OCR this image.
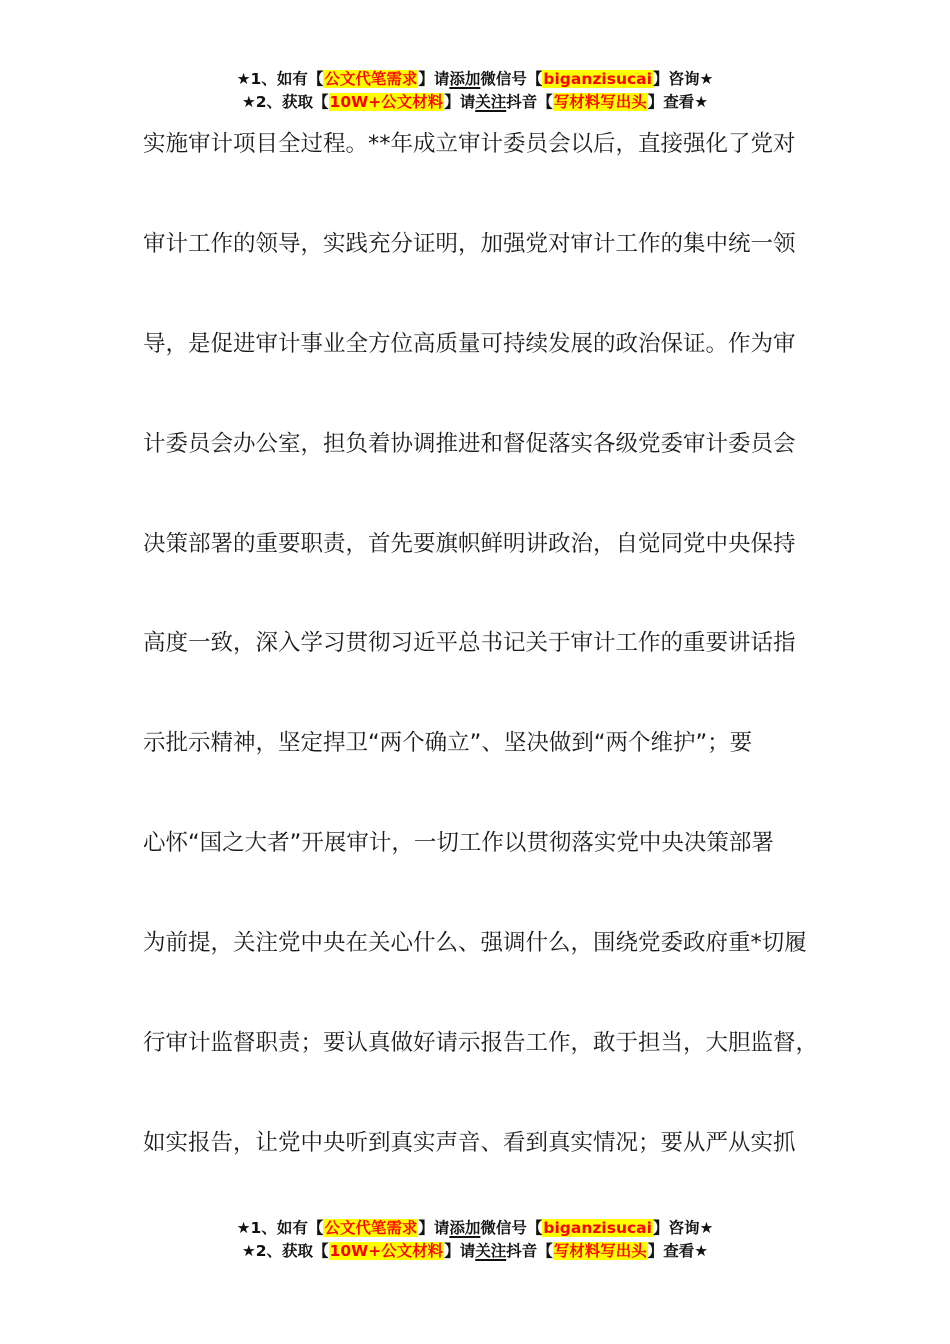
★1、如有【公文代笔需求】请添加微信号【biganzisucai】咨询★
★2、获取【10W+公文材料】请关注抖音【写材料写出头】查看★
实施审计项目全过程。**年成立审计委员会以后，直接强化了党对
审计工作的领导，实践充分证明，加强党对审计工作的集中统一领
导，是促进审计事业全方位高质量可持续发展的政治保证。作为审
计委员会办公室，担负着协调推进和督促落实各级党委审计委员会
决策部署的重要职责，首先要旗帜鲜明讲政治，自觉同党中央保持
高度一致，深入学习贯彻习近平总书记关于审计工作的重要讲话指
示批示精神，坚定捍卫“两个确立”、坚决做到“两个维护”；要
心怀“国之大者”开展审计，一切工作以贯彻落实党中央决策部署
为前提，关注党中央在关心什么、强调什么，围绕党委政府重*切履
行审计监督职责；要认真做好请示报告工作，敢于担当，大胆监督，
如实报告，让党中央听到真实声音、看到真实情况；要从严从实抓
★1、如有【公文代笔需求】请添加微信号【biganzisucai】咨询★
★2、获取【10W+公文材料】请关注抖音【写材料写出头】查看★
